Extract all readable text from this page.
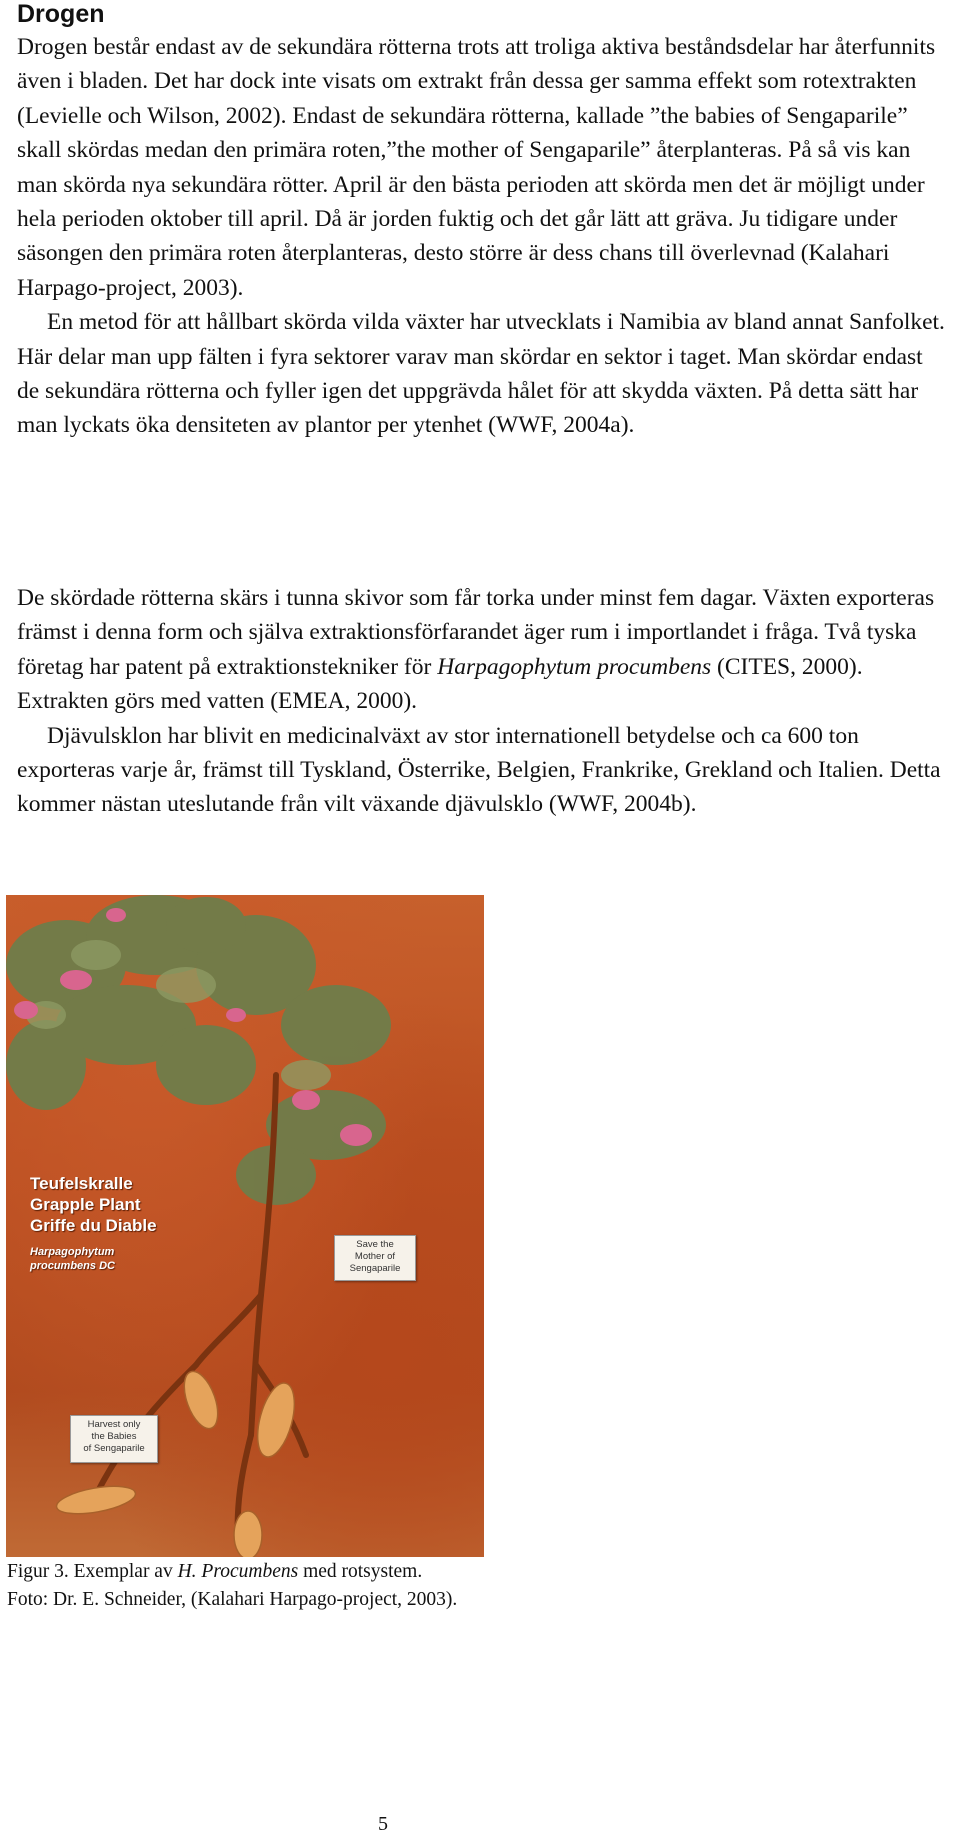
Drogen

Drogen består endast av de sekundära rötterna trots att troliga aktiva beståndsdelar har återfunnits även i bladen. Det har dock inte visats om extrakt från dessa ger samma effekt som rotextrakten (Levielle och Wilson, 2002). Endast de sekundära rötterna, kallade ”the babies of Sengaparile” skall skördas medan den primära roten,”the mother of Sengaparile” återplanteras. På så vis kan man skörda nya sekundära rötter. April är den bästa perioden att skörda men det är möjligt under hela perioden oktober till april. Då är jorden fuktig och det går lätt att gräva. Ju tidigare under säsongen den primära roten återplanteras, desto större är dess chans till överlevnad (Kalahari Harpago-project, 2003).
En metod för att hållbart skörda vilda växter har utvecklats i Namibia av bland annat Sanfolket. Här delar man upp fälten i fyra sektorer varav man skördar en sektor i taget. Man skördar endast de sekundära rötterna och fyller igen det uppgrävda hålet för att skydda växten. På detta sätt har man lyckats öka densiteten av plantor per ytenhet (WWF, 2004a).

De skördade rötterna skärs i tunna skivor som får torka under minst fem dagar. Växten exporteras främst i denna form och själva extraktionsförfarandet äger rum i importlandet i fråga. Två tyska företag har patent på extraktionstekniker för Harpagophytum procumbens (CITES, 2000). Extrakten görs med vatten (EMEA, 2000).
Djävulsklon har blivit en medicinalväxt av stor internationell betydelse och ca 600 ton exporteras varje år, främst till Tyskland, Österrike, Belgien, Frankrike, Grekland och Italien. Detta kommer nästan uteslutande från vilt växande djävulsklo (WWF, 2004b).

Teufelskralle
Grapple Plant
Griffe du Diable
Harpagophytum
procumbens DC
Save the
Mother of
Sengaparile
Harvest only
the Babies
of Sengaparile
Figur 3. Exemplar av H. Procumbens med rotsystem.
Foto: Dr. E. Schneider, (Kalahari Harpago-project, 2003).
5
